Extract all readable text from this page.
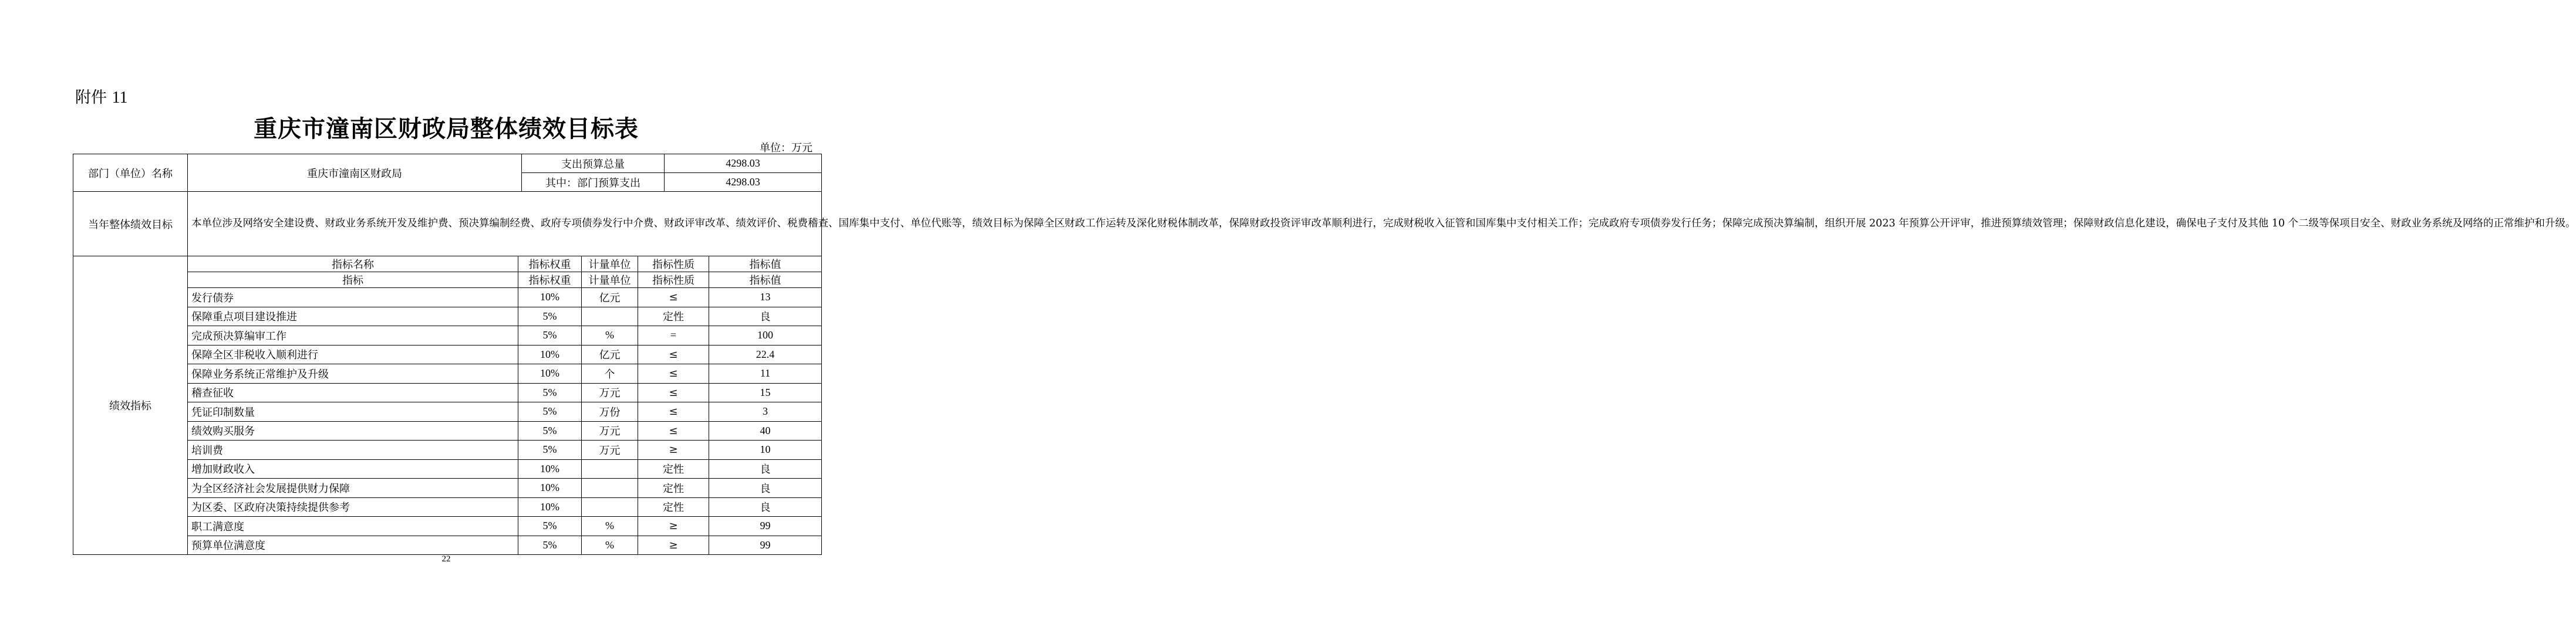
附件 11
重庆市潼南区财政局整体绩效目标表
单位：万元
部门（单位）名称	重庆市潼南区财政局		支出预算总量			4298.03	
			其中：部门预算支出			4298.03	
当年整体绩效目标	本单位涉及网络安全建设费、财政业务系统开发及维护费、预决算编制经费、政府专项债券发行中介费、财政评审改革、绩效评价、税费稽查、国库集中支付、单位代账等，绩效目标为保障全区财政工作运转及深化财税体制改革，保障财政投资评审改革顺利进行，完成财税收入征管和国库集中支付相关工作；完成政府专项债券发行任务；保障完成预决算编制，组织开展 2023 年预算公开评审，推进预算绩效管理；保障财政信息化建设，确保电子支付及其他 10 个二级等保项目安全、财政业务系统及网络的正常维护和升级。						
绩效指标	指标名称	指标权重		计量单位	指标性质		指标值
	指标	指标权重		计量单位	指标性质		指标值
	发行债券	10%		亿元	≤		13
	保障重点项目建设推进	5%			定性		良
	完成预决算编审工作	5%		%	=		100
	保障全区非税收入顺利进行	10%		亿元	≤		22.4
	保障业务系统正常维护及升级	10%		个	≤		11
	稽查征收	5%		万元	≤		15
	凭证印制数量	5%		万份	≤		3
	绩效购买服务	5%		万元	≤		40
	培训费	5%		万元	≥		10
	增加财政收入	10%			定性		良
	为全区经济社会发展提供财力保障	10%			定性		良
	为区委、区政府决策持续提供参考	10%			定性		良
	职工满意度	5%		%	≥		99
	预算单位满意度	5%		%	≥		99
22
